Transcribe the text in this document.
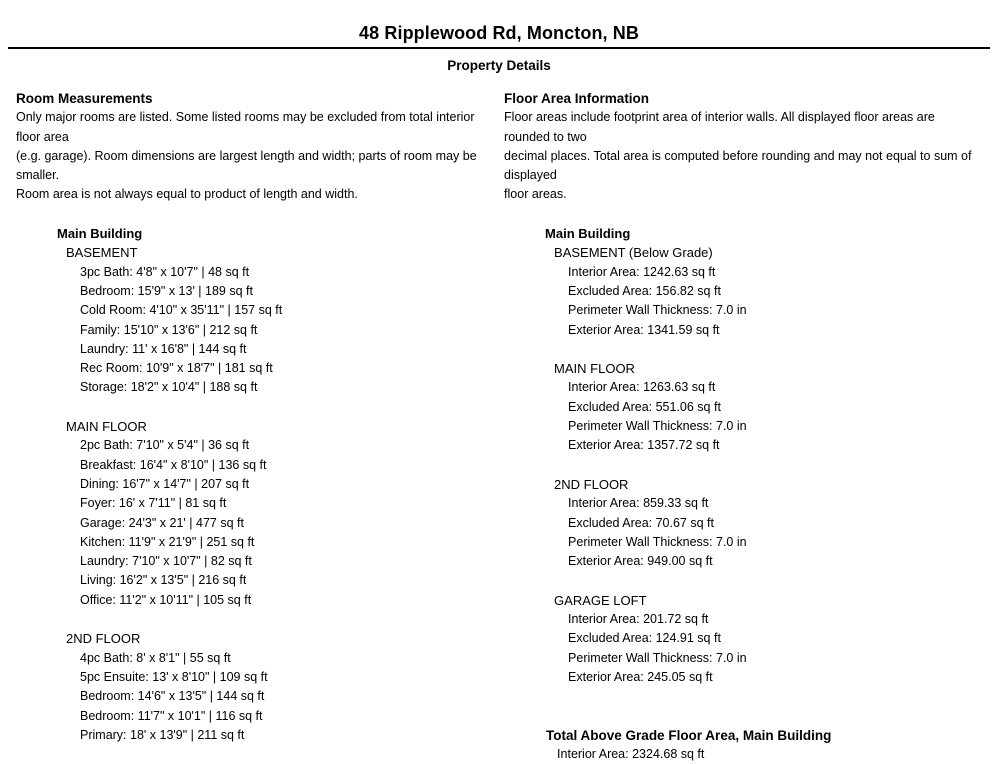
48 Ripplewood Rd, Moncton, NB
Property Details
Room Measurements
Only major rooms are listed. Some listed rooms may be excluded from total interior floor area
(e.g. garage). Room dimensions are largest length and width; parts of room may be smaller.
Room area is not always equal to product of length and width.
Main Building
BASEMENT
3pc Bath: 4'8" x 10'7" | 48 sq ft
Bedroom: 15'9" x 13' | 189 sq ft
Cold Room: 4'10" x 35'11" | 157 sq ft
Family: 15'10" x 13'6" | 212 sq ft
Laundry: 11' x 16'8" | 144 sq ft
Rec Room: 10'9" x 18'7" | 181 sq ft
Storage: 18'2" x 10'4" | 188 sq ft
MAIN FLOOR
2pc Bath: 7'10" x 5'4" | 36 sq ft
Breakfast: 16'4" x 8'10" | 136 sq ft
Dining: 16'7" x 14'7" | 207 sq ft
Foyer: 16' x 7'11" | 81 sq ft
Garage: 24'3" x 21' | 477 sq ft
Kitchen: 11'9" x 21'9" | 251 sq ft
Laundry: 7'10" x 10'7" | 82 sq ft
Living: 16'2" x 13'5" | 216 sq ft
Office: 11'2" x 10'11" | 105 sq ft
2ND FLOOR
4pc Bath: 8' x 8'1" | 55 sq ft
5pc Ensuite: 13' x 8'10" | 109 sq ft
Bedroom: 14'6" x 13'5" | 144 sq ft
Bedroom: 11'7" x 10'1" | 116 sq ft
Primary: 18' x 13'9" | 211 sq ft
Floor Area Information
Floor areas include footprint area of interior walls. All displayed floor areas are rounded to two
decimal places. Total area is computed before rounding and may not equal to sum of displayed
floor areas.
Main Building
BASEMENT (Below Grade)
Interior Area: 1242.63 sq ft
Excluded Area: 156.82 sq ft
Perimeter Wall Thickness: 7.0 in
Exterior Area: 1341.59 sq ft
MAIN FLOOR
Interior Area: 1263.63 sq ft
Excluded Area: 551.06 sq ft
Perimeter Wall Thickness: 7.0 in
Exterior Area: 1357.72 sq ft
2ND FLOOR
Interior Area: 859.33 sq ft
Excluded Area: 70.67 sq ft
Perimeter Wall Thickness: 7.0 in
Exterior Area: 949.00 sq ft
GARAGE LOFT
Interior Area: 201.72 sq ft
Excluded Area: 124.91 sq ft
Perimeter Wall Thickness: 7.0 in
Exterior Area: 245.05 sq ft
Total Above Grade Floor Area, Main Building
Interior Area: 2324.68 sq ft
